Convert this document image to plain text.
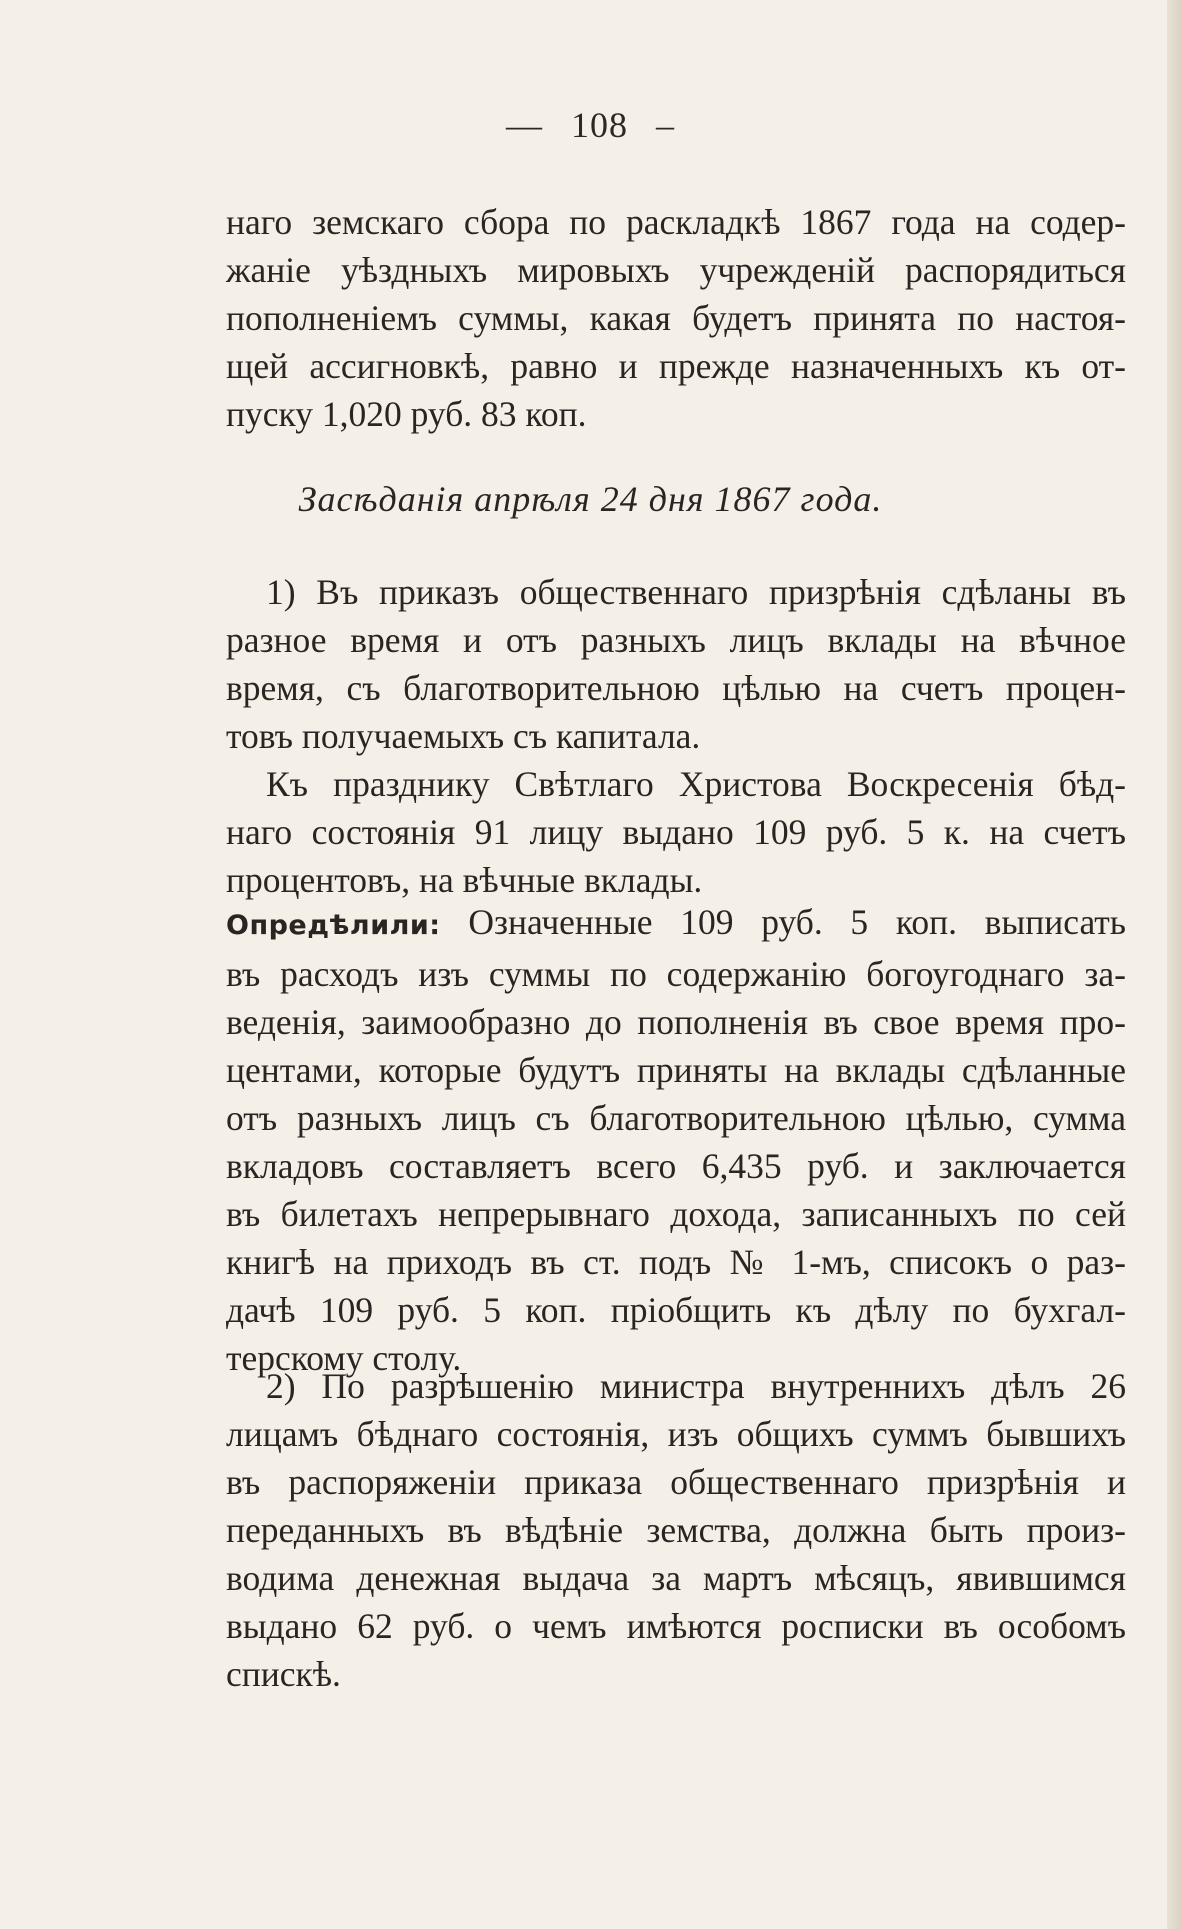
— 108 –
наго земскаго сбора по раскладкѣ 1867 года на содер-
жаніе уѣздныхъ мировыхъ учрежденій распорядиться
пополненіемъ суммы, какая будетъ принята по настоя-
щей ассигновкѣ, равно и прежде назначенныхъ къ от-
пуску 1,020 руб. 83 коп.
Засѣданія апрѣля 24 дня 1867 года.
1) Въ приказъ общественнаго призрѣнія сдѣланы въ
разное время и отъ разныхъ лицъ вклады на вѣчное
время, съ благотворительною цѣлью на счетъ процен-
товъ получаемыхъ съ капитала.
Къ празднику Свѣтлаго Христова Воскресенія бѣд-
наго состоянія 91 лицу выдано 109 руб. 5 к. на счетъ
процентовъ, на вѣчные вклады.
Опредѣлили: Означенные 109 руб. 5 коп. выписать
въ расходъ изъ суммы по содержанію богоугоднаго за-
веденія, заимообразно до пополненія въ свое время про-
центами, которые будутъ приняты на вклады сдѣланные
отъ разныхъ лицъ съ благотворительною цѣлью, сумма
вкладовъ составляетъ всего 6,435 руб. и заключается
въ билетахъ непрерывнаго дохода, записанныхъ по сей
книгѣ на приходъ въ ст. подъ № 1-мъ, списокъ о раз-
дачѣ 109 руб. 5 коп. пріобщить къ дѣлу по бухгал-
терскому столу.
2) По разрѣшенію министра внутреннихъ дѣлъ 26
лицамъ бѣднаго состоянія, изъ общихъ суммъ бывшихъ
въ распоряженіи приказа общественнаго призрѣнія и
переданныхъ въ вѣдѣніе земства, должна быть произ-
водима денежная выдача за мартъ мѣсяцъ, явившимся
выдано 62 руб. о чемъ имѣются росписки въ особомъ
спискѣ.
